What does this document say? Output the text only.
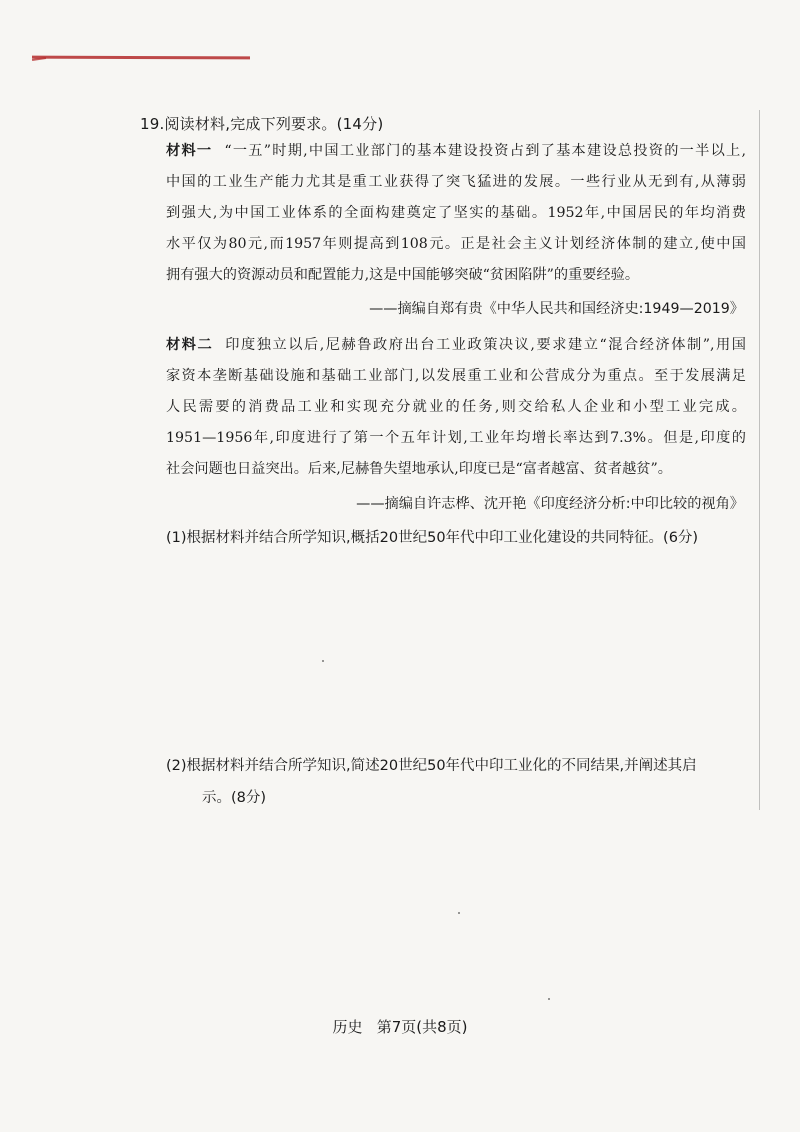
19.阅读材料,完成下列要求。(14分)

材料一 “一五”时期,中国工业部门的基本建设投资占到了基本建设总投资的一半以上,

中国的工业生产能力尤其是重工业获得了突飞猛进的发展。一些行业从无到有,从薄弱

到强大,为中国工业体系的全面构建奠定了坚实的基础。1952年,中国居民的年均消费

水平仅为80元,而1957年则提高到108元。正是社会主义计划经济体制的建立,使中国

拥有强大的资源动员和配置能力,这是中国能够突破“贫困陷阱”的重要经验。

——摘编自郑有贵《中华人民共和国经济史:1949—2019》

材料二 印度独立以后,尼赫鲁政府出台工业政策决议,要求建立“混合经济体制”,用国

家资本垄断基础设施和基础工业部门,以发展重工业和公营成分为重点。至于发展满足

人民需要的消费品工业和实现充分就业的任务,则交给私人企业和小型工业完成。

1951—1956年,印度进行了第一个五年计划,工业年均增长率达到7.3%。但是,印度的

社会问题也日益突出。后来,尼赫鲁失望地承认,印度已是“富者越富、贫者越贫”。

——摘编自许志桦、沈开艳《印度经济分析:中印比较的视角》
(1)根据材料并结合所学知识,概括20世纪50年代中印工业化建设的共同特征。(6分)
(2)根据材料并结合所学知识,简述20世纪50年代中印工业化的不同结果,并阐述其启
示。(8分)
历史   第7页(共8页)
